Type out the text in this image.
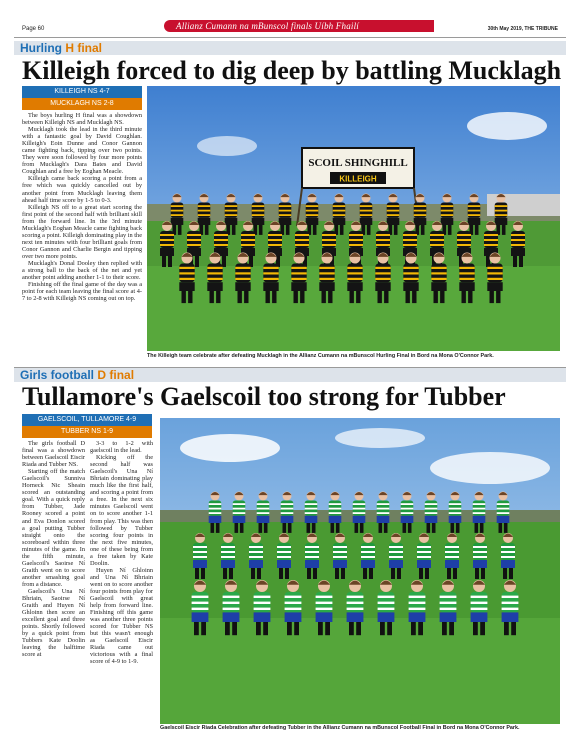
Page 60	Allianz Cumann na mBunscol finals Uíbh Fhailí	30th May 2019, THE TRIBUNE
Hurling H final
Killeigh forced to dig deep by battling Mucklagh
KILLEIGH NS 4-7
MUCKLAGH NS 2-8

The boys hurling H final was a showdown between Killeigh NS and Mucklagh NS.

Mucklagh took the lead in the third minute with a fantastic goal by David Coughlan. Killeigh's Eoin Dunne and Conor Gannon came fighting back, tipping over two points. They were soon followed by four more points from Mucklagh's Dara Bates and David Coughlan and a free by Eoghan Meacle.

Killeigh came back scoring a point from a free which was quickly cancelled out by another point from Mucklagh leaving them ahead half time score by 1-5 to 0-3.

Killeigh NS off to a great start scoring the first point of the second half with brilliant skill from the forward line. In the 3rd minute Mucklagh's Eoghan Meacle came fighting back scoring a point. Killeigh dominating play in the next ten minutes with four brilliant goals from Conor Gannon and Charlie Bergin and tipping over two more points.

Mucklagh's Donal Dooley then replied with a strong ball to the back of the net and yet another point adding another 1-1 to their score.

Finishing off the final game of the day was a point for each team leaving the final score at 4-7 to 2-8 with Killeigh NS coming out on top.

SCOIL SHINGHILL
KILLEIGH
The Killeigh team celebrate after defeating Mucklagh in the Allianz Cumann na mBunscol Hurling Final in Bord na Mona O'Connor Park.
Girls football D final
Tullamore's Gaelscoil too strong for Tubber
GAELSCOIL, TULLAMORE 4-9
TUBBER NS 1-9

The girls football D final was a showdown between Gaelscoil Eiscir Riada and Tubber NS.

Starting off the match Gaelscoil's Sunniva Horneck Nic Sheain scored an outstanding goal. With a quick reply from Tubber, Jade Rooney scored a point and Eva Donlon scored a goal putting Tubber straight onto the scoreboard within three minutes of the game. In the fifth minute, Gaelscoil's Saoirse Ní Graith went on to score another smashing goal from a distance.

Gaelscoil's Una Ní Bhriain, Saoirse Ní Graith and Huyen Ní Ghloinn then score an excellent goal and three points. Shortly followed by a quick point from Tubbers Kate Doolin leaving the halftime score at

3-3 to 1-2 with gaelscoil in the lead.

Kicking off the second half was Gaelscoil's Una Ní Bhriain dominating play much like the first half, and scoring a point from a free. In the next six minutes Gaelscoil went on to score another 1-1 from play. This was then followed by Tubber scoring four points in the next five minutes, one of these being from a free taken by Kate Doolin.

Huyen Ní Ghloinn and Una Ní Bhriain went on to score another four points from play for Gaelscoil with great help from forward line. Finishing off this game was another three points scored for Tubber NS but this wasn't enough as Gaelscoil Eiscir Riada came out victorious with a final score of 4-9 to 1-9.

Gaelscoil Eiscir Riada Celebration after defeating Tubber in the Allianz Cumann na mBunscol Football Final in Bord na Mona O'Connor Park.
